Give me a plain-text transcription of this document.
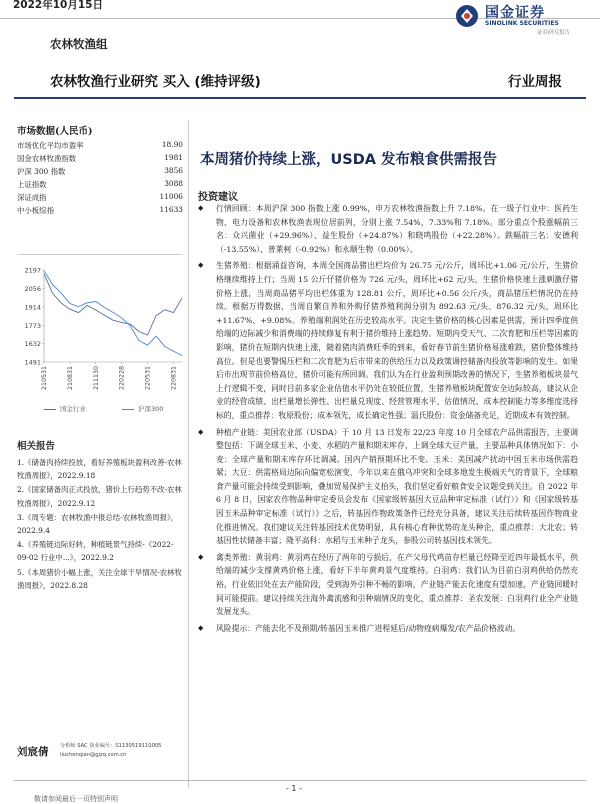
2022年10月15日
农林牧渔组
国金证券
SINOLINK SECURITIES
证券研究报告
农林牧渔行业研究 买入 (维持评级)	行业周报
市场数据(人民币)
市场优化平均市盈率	18.90
国金农林牧渔指数	1981
沪深 300 指数	3856
上证指数	3088
深证成指	11006
中小板综指	11633
2197
2056
1914
1773
1632
1491
210531	210831	211130	220228	220531	220831
国金行业	沪深300
相关报告
1.《储备肉持续投放，看好养殖板块盈利改善-农林牧渔周报》，2022.9.18
2.《国家储备肉正式投放，猪价上行趋势不改-农林牧渔周报》，2022.9.12
3.《周专题：农林牧渔中报总结-农林牧渔周报》，2022.9.4
4.《养殖链边际好转，种植链景气持续-《2022-09-02 行业中...》，2022.9.2
5.《本周猪价小幅上涨，关注全球干旱情况-农林牧渔周报》，2022.8.28
刘宸倩 分析师 SAC 执业编号：S1130519110005
liuchenqian@gjzq.com.cn
本周猪价持续上涨，USDA 发布粮食供需报告
投资建议
◆ 行情回顾：本周沪深 300 指数上涨 0.99%，申万农林牧渔指数上升 7.18%。在一级子行业中：医药生物、电力设备和农林牧渔表现位居前列，分别上涨 7.54%，7.33%和 7.18%。部分重点个股涨幅前三名：众兴菌业（+29.96%）、益生股份（+24.87%）和晓鸣股份（+22.28%）。跌幅前三名：安德利（-13.55%）、普莱柯（-0.92%）和永顺生物（0.00%）。
◆ 生猪养殖：根据涌益咨询，本周全国商品猪出栏均价为 26.75 元/公斤，周环比+1.06 元/公斤，生猪价格继续维持上行；当周 15 公斤仔猪价格为 726 元/头，周环比+62 元/头，生猪价格快速上涨刺激仔猪价格上涨，当周商品猪平均出栏体重为 128.81 公斤，周环比+0.56 公斤/头，商品猪压栏情况仍在持续。根据万得数据，当周自繁自养和外购仔猪养殖利润分别为 892.63 元/头、876.32 元/头，周环比+11.67%、+9.08%。养殖端利润处在历史较高水平。决定生猪价格的核心因素是供需，预计四季度供给端的边际减少和消费端的持续修复有利于猪价维持上涨趋势。短期内受天气、二次育肥和压栏等因素的影响，猪价在短期内快速上涨，随着猪肉消费旺季的到来，看好春节前生猪价格易涨难跌，猪价整体维持高位。但是也要警惕压栏和二次育肥为后市带来的供给压力以及政策调控储备肉投放等影响的发生。如果后市出现节前价格高位，猪价可能有所回调。我们认为在行业盈利预期改善的情况下，生猪养殖板块景气上行逻辑不变，同时目前多家企业估值水平仍处在较低位置，生猪养殖板块配置安全边际较高，建议从企业的经营成绩、出栏量增长弹性、出栏量兑现度、经营管理水平、估值情况、成本控制能力等多维度选择标的，重点推荐：牧原股份；成本领先，成长确定性强；温氏股份：资金储备充足，近期成本有效控制。
◆ 种植产业链：美国农业部（USDA）于 10 月 13 日发布 22/23 年度 10 月全球农产品供需报告，主要调整包括：下调全球玉米、小麦、水稻的产量和期末库存，上调全球大豆产量，主要品种具体情况如下：小麦：全球产量和期末库存环比调减。国内产销预期环比不变。玉米：美国减产扰动中国玉米市场供需趋紧；大豆：供需格局边际向偏宽松演变，今年以来在俄乌冲突和全球多地发生极端天气的背景下，全球粮食产量可能会持续受到影响，叠加贸易保护主义抬头，我们坚定看好粮食安全议题受到关注。自 2022 年 6 月 8 日，国家农作物品种审定委员会发布《国家级转基因大豆品种审定标准（试行）》和《国家级转基因玉米品种审定标准（试行）》之后，转基因作物政策条件已经充分具备，建议关注后续转基因作物商业化推进情况。我们建议关注转基因技术优势明显，具有核心育种优势的龙头种企，重点推荐：大北农；转基因性状储备丰富；隆平高科：水稻与玉米种子龙头，参股公司转基因技术领先。
◆ 禽类养殖：黄羽鸡：黄羽鸡在经历了两年的亏损后，在产父母代鸡苗存栏量已经降至近四年最低水平，供给端的减少支撑黄鸡价格上涨，看好下半年黄鸡景气度维持。白羽鸡：我们认为目前白羽鸡供给仍然充裕，行业依旧处在去产能阶段，受到海外引种不畅的影响，产业链产能去化速度有望加速，产业链回暖时间可能提前。建议持续关注海外禽流感和引种端情况的变化，重点推荐：圣农发展：白羽鸡行业全产业链发展龙头。
◆ 风险提示：产能去化不及预期/转基因玉米推广进程延后/动物疫病爆发/农产品价格波动。
- 1 -
敬请参阅最后一页特别声明
